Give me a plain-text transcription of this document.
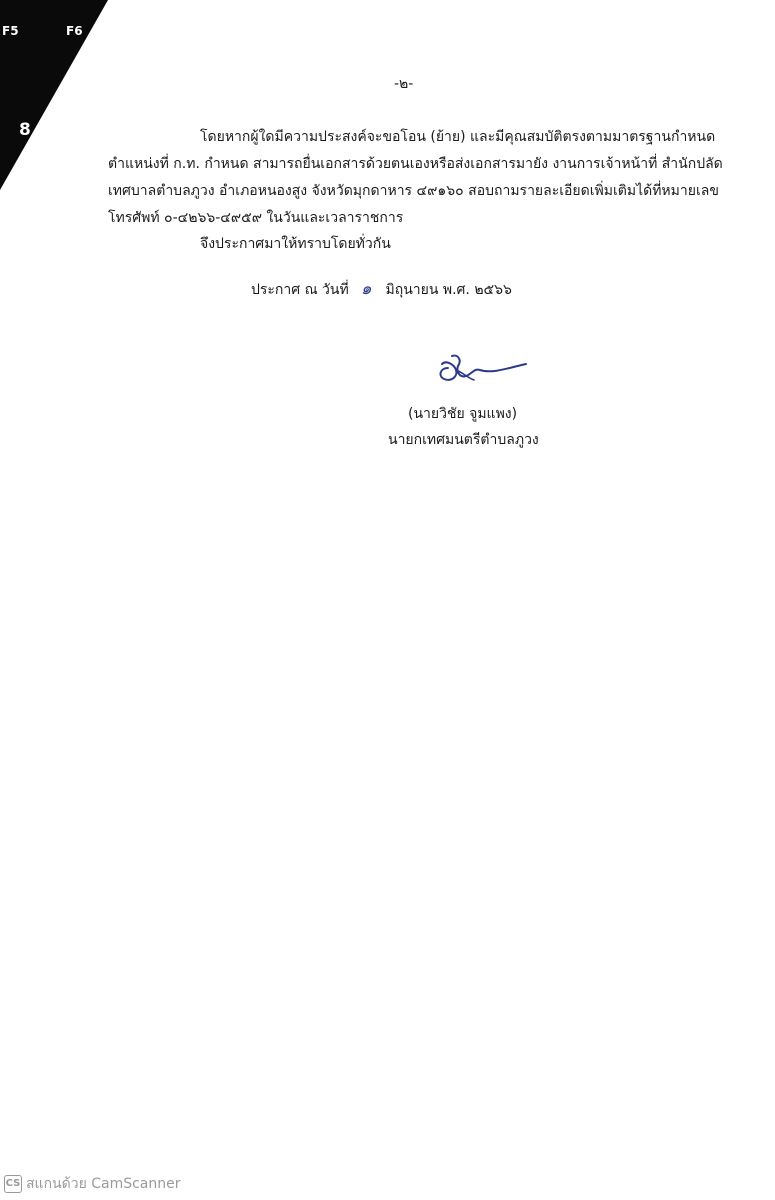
F5	F6
8
-๒-
โดยหากผู้ใดมีความประสงค์จะขอโอน (ย้าย) และมีคุณสมบัติตรงตามมาตรฐานกำหนด
ตำแหน่งที่ ก.ท. กำหนด สามารถยื่นเอกสารด้วยตนเองหรือส่งเอกสารมายัง งานการเจ้าหน้าที่ สำนักปลัด
เทศบาลตำบลภูวง อำเภอหนองสูง จังหวัดมุกดาหาร ๔๙๑๖๐ สอบถามรายละเอียดเพิ่มเติมได้ที่หมายเลข
โทรศัพท์ ๐-๔๒๖๖-๔๙๕๙ ในวันและเวลาราชการ
จึงประกาศมาให้ทราบโดยทั่วกัน
ประกาศ ณ วันที่ ๑ มิถุนายน พ.ศ. ๒๕๖๖
(นายวิชัย จูมแพง)
นายกเทศมนตรีตำบลภูวง
CS สแกนด้วย CamScanner
